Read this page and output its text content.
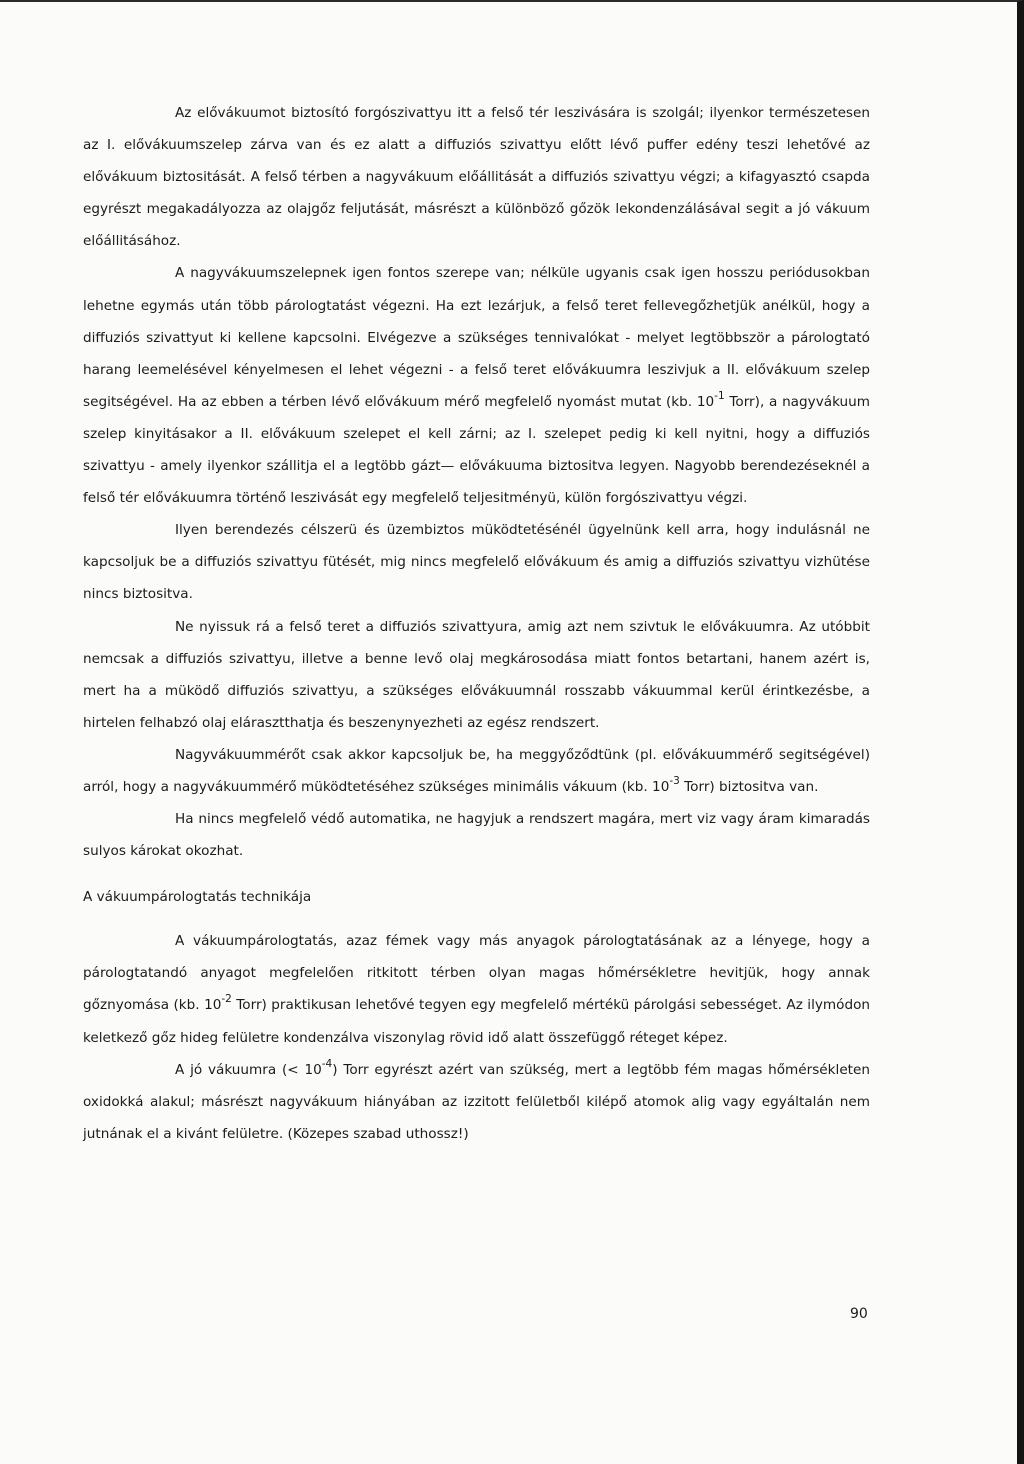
Az elővákuumot biztosító forgószivattyu itt a felső tér leszivására is szolgál; ilyenkor természetesen az I. elővákuumszelep zárva van és ez alatt a diffuziós szivattyu előtt lévő puffer edény teszi lehetővé az elővákuum biztositását. A felső térben a nagyvákuum előállitását a diffuziós szivattyu végzi; a kifagyasztó csapda egyrészt megakadályozza az olajgőz feljutását, másrészt a különböző gőzök lekondenzálásával segit a jó vákuum előállitásához.

A nagyvákuumszelepnek igen fontos szerepe van; nélküle ugyanis csak igen hosszu periódusokban lehetne egymás után több párologtatást végezni. Ha ezt lezárjuk, a felső teret fellevegőzhetjük anélkül, hogy a diffuziós szivattyut ki kellene kapcsolni. Elvégezve a szükséges tennivalókat - melyet legtöbbször a párologtató harang leemelésével kényelmesen el lehet végezni - a felső teret elővákuumra leszivjuk a II. elővákuum szelep segitségével. Ha az ebben a térben lévő elővákuum mérő megfelelő nyomást mutat (kb. $10^{-1}$ Torr), a nagyvákuum szelep kinyitásakor a II. elővákuum szelepet el kell zárni; az I. szelepet pedig ki kell nyitni, hogy a diffuziós szivattyu - amely ilyenkor szállitja el a legtöbb gázt— elővákuuma biztositva legyen. Nagyobb berendezéseknél a felső tér elővákuumra történő leszivását egy megfelelő teljesitményü, külön forgószivattyu végzi.

Ilyen berendezés célszerü és üzembiztos müködtetésénél ügyelnünk kell arra, hogy indulásnál ne kapcsoljuk be a diffuziós szivattyu fütését, mig nincs megfelelő elővákuum és amig a diffuziós szivattyu vizhütése nincs biztositva.

Ne nyissuk rá a felső teret a diffuziós szivattyura, amig azt nem szivtuk le elővákuumra. Az utóbbit nemcsak a diffuziós szivattyu, illetve a benne levő olaj megkárosodása miatt fontos betartani, hanem azért is, mert ha a müködő diffuziós szivattyu, a szükséges elővákuumnál rosszabb vákuummal kerül érintkezésbe, a hirtelen felhabzó olaj elárasztthatja és beszenynyezheti az egész rendszert.

Nagyvákuummérőt csak akkor kapcsoljuk be, ha meggyőződtünk (pl. elővákuummérő segitségével) arról, hogy a nagyvákuummérő müködtetéséhez szükséges minimális vákuum (kb. $10^{-3}$ Torr) biztositva van.

Ha nincs megfelelő védő automatika, ne hagyjuk a rendszert magára, mert viz vagy áram kimaradás sulyos károkat okozhat.

A vákuumpárologtatás technikája

A vákuumpárologtatás, azaz fémek vagy más anyagok párologtatásának az a lényege, hogy a párologtatandó anyagot megfelelően ritkitott térben olyan magas hőmérsékletre hevitjük, hogy annak gőznyomása (kb. $10^{-2}$ Torr) praktikusan lehetővé tegyen egy megfelelő mértékü párolgási sebességet. Az ilymódon keletkező gőz hideg felületre kondenzálva viszonylag rövid idő alatt összefüggő réteget képez.

A jó vákuumra (< $10^{-4}$) Torr egyrészt azért van szükség, mert a legtöbb fém magas hőmérsékleten oxidokká alakul; másrészt nagyvákuum hiányában az izzitott felületből kilépő atomok alig vagy egyáltalán nem jutnának el a kivánt felületre. (Közepes szabad uthossz!)

90
